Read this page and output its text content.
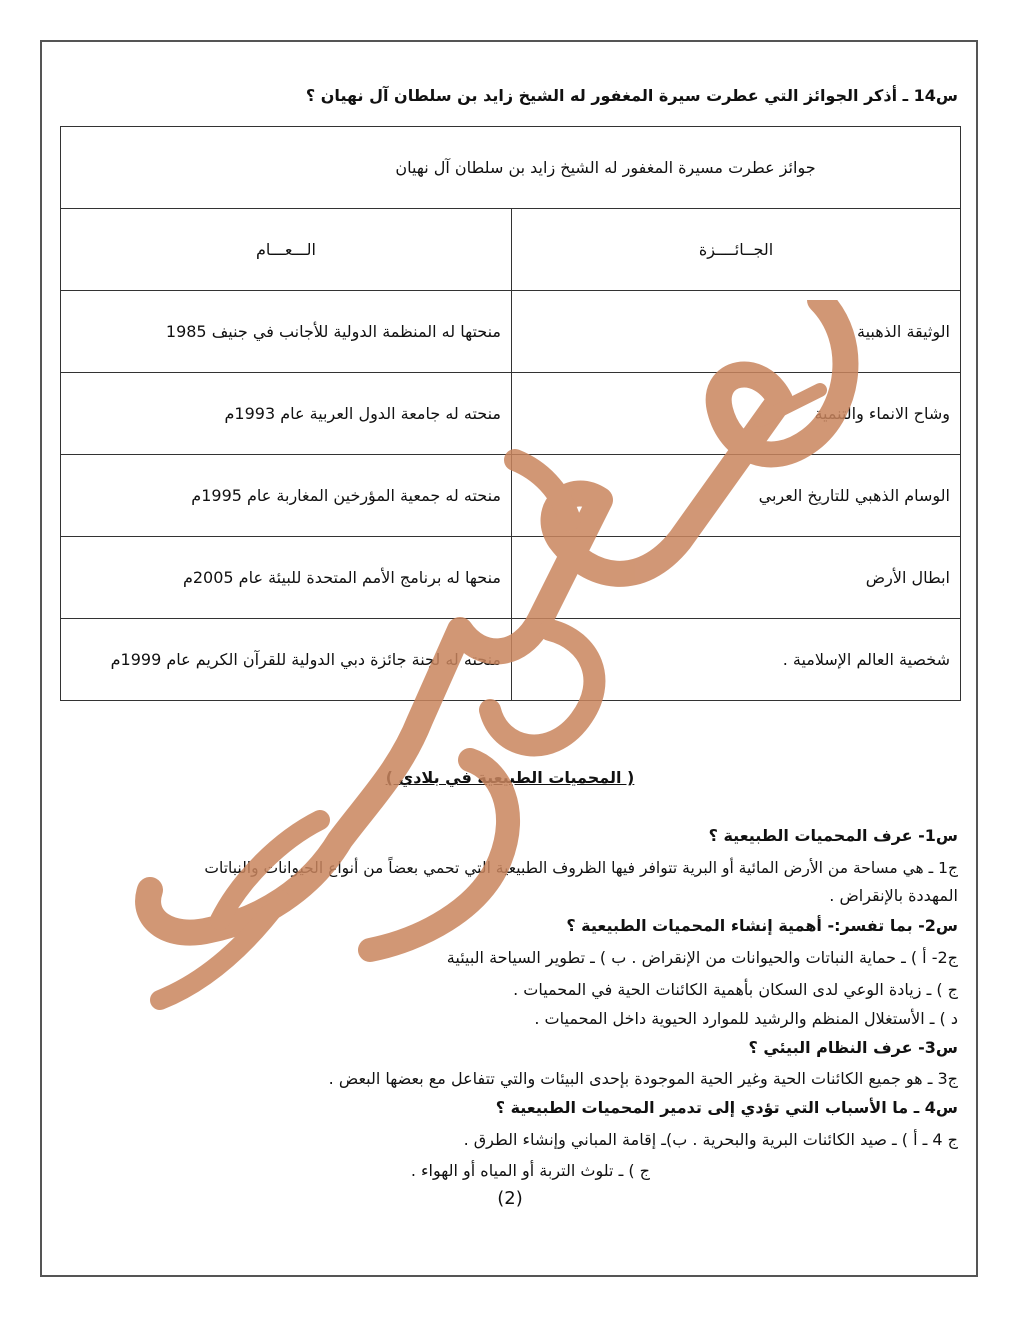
س14 ـ أذكر الجوائز التي عطرت سيرة المغفور له الشيخ زايد بن سلطان آل نهيان ؟
جوائز عطرت مسيرة المغفور له الشيخ زايد بن سلطان آل نهيان	
الجــائــــزة	الـــعـــام
الوثيقة الذهبية	منحتها له المنظمة الدولية للأجانب في جنيف 1985
وشاح الانماء والتنمية	منحته له جامعة الدول العربية عام 1993م
الوسام الذهبي للتاريخ العربي	منحته له جمعية المؤرخين المغاربة عام 1995م
ابطال الأرض	منحها له برنامج الأمم المتحدة للبيئة عام 2005م
شخصية العالم الإسلامية .	منحته له لجنة جائزة دبي الدولية للقرآن الكريم عام 1999م
( المحميات الطبيعية في بلادي )
س1- عرف المحميات الطبيعية ؟
ج1 ـ هي مساحة من الأرض المائية أو البرية تتوافر فيها الظروف الطبيعية التي تحمي بعضاً من أنواع الحيوانات والنباتات
المهددة بالإنقراض .
س2- بما تفسر:- أهمية إنشاء المحميات الطبيعية ؟
ج2- أ ) ـ حماية النباتات والحيوانات من الإنقراض . ب ) ـ تطوير السياحة البيئية
ج ) ـ زيادة الوعي لدى السكان بأهمية الكائنات الحية في المحميات .
د ) ـ الأستغلال المنظم والرشيد للموارد الحيوية داخل المحميات .
س3- عرف النظام البيئي ؟
ج3 ـ هو جميع الكائنات الحية وغير الحية الموجودة بإحدى البيئات والتي تتفاعل مع بعضها البعض .
س4 ـ ما الأسباب التي تؤدي إلى تدمير المحميات الطبيعية ؟
ج 4 ـ أ ) ـ صيد الكائنات البرية والبحرية . ب)ـ إقامة المباني وإنشاء الطرق .
ج ) ـ تلوث التربة أو المياه أو الهواء .
(2)
